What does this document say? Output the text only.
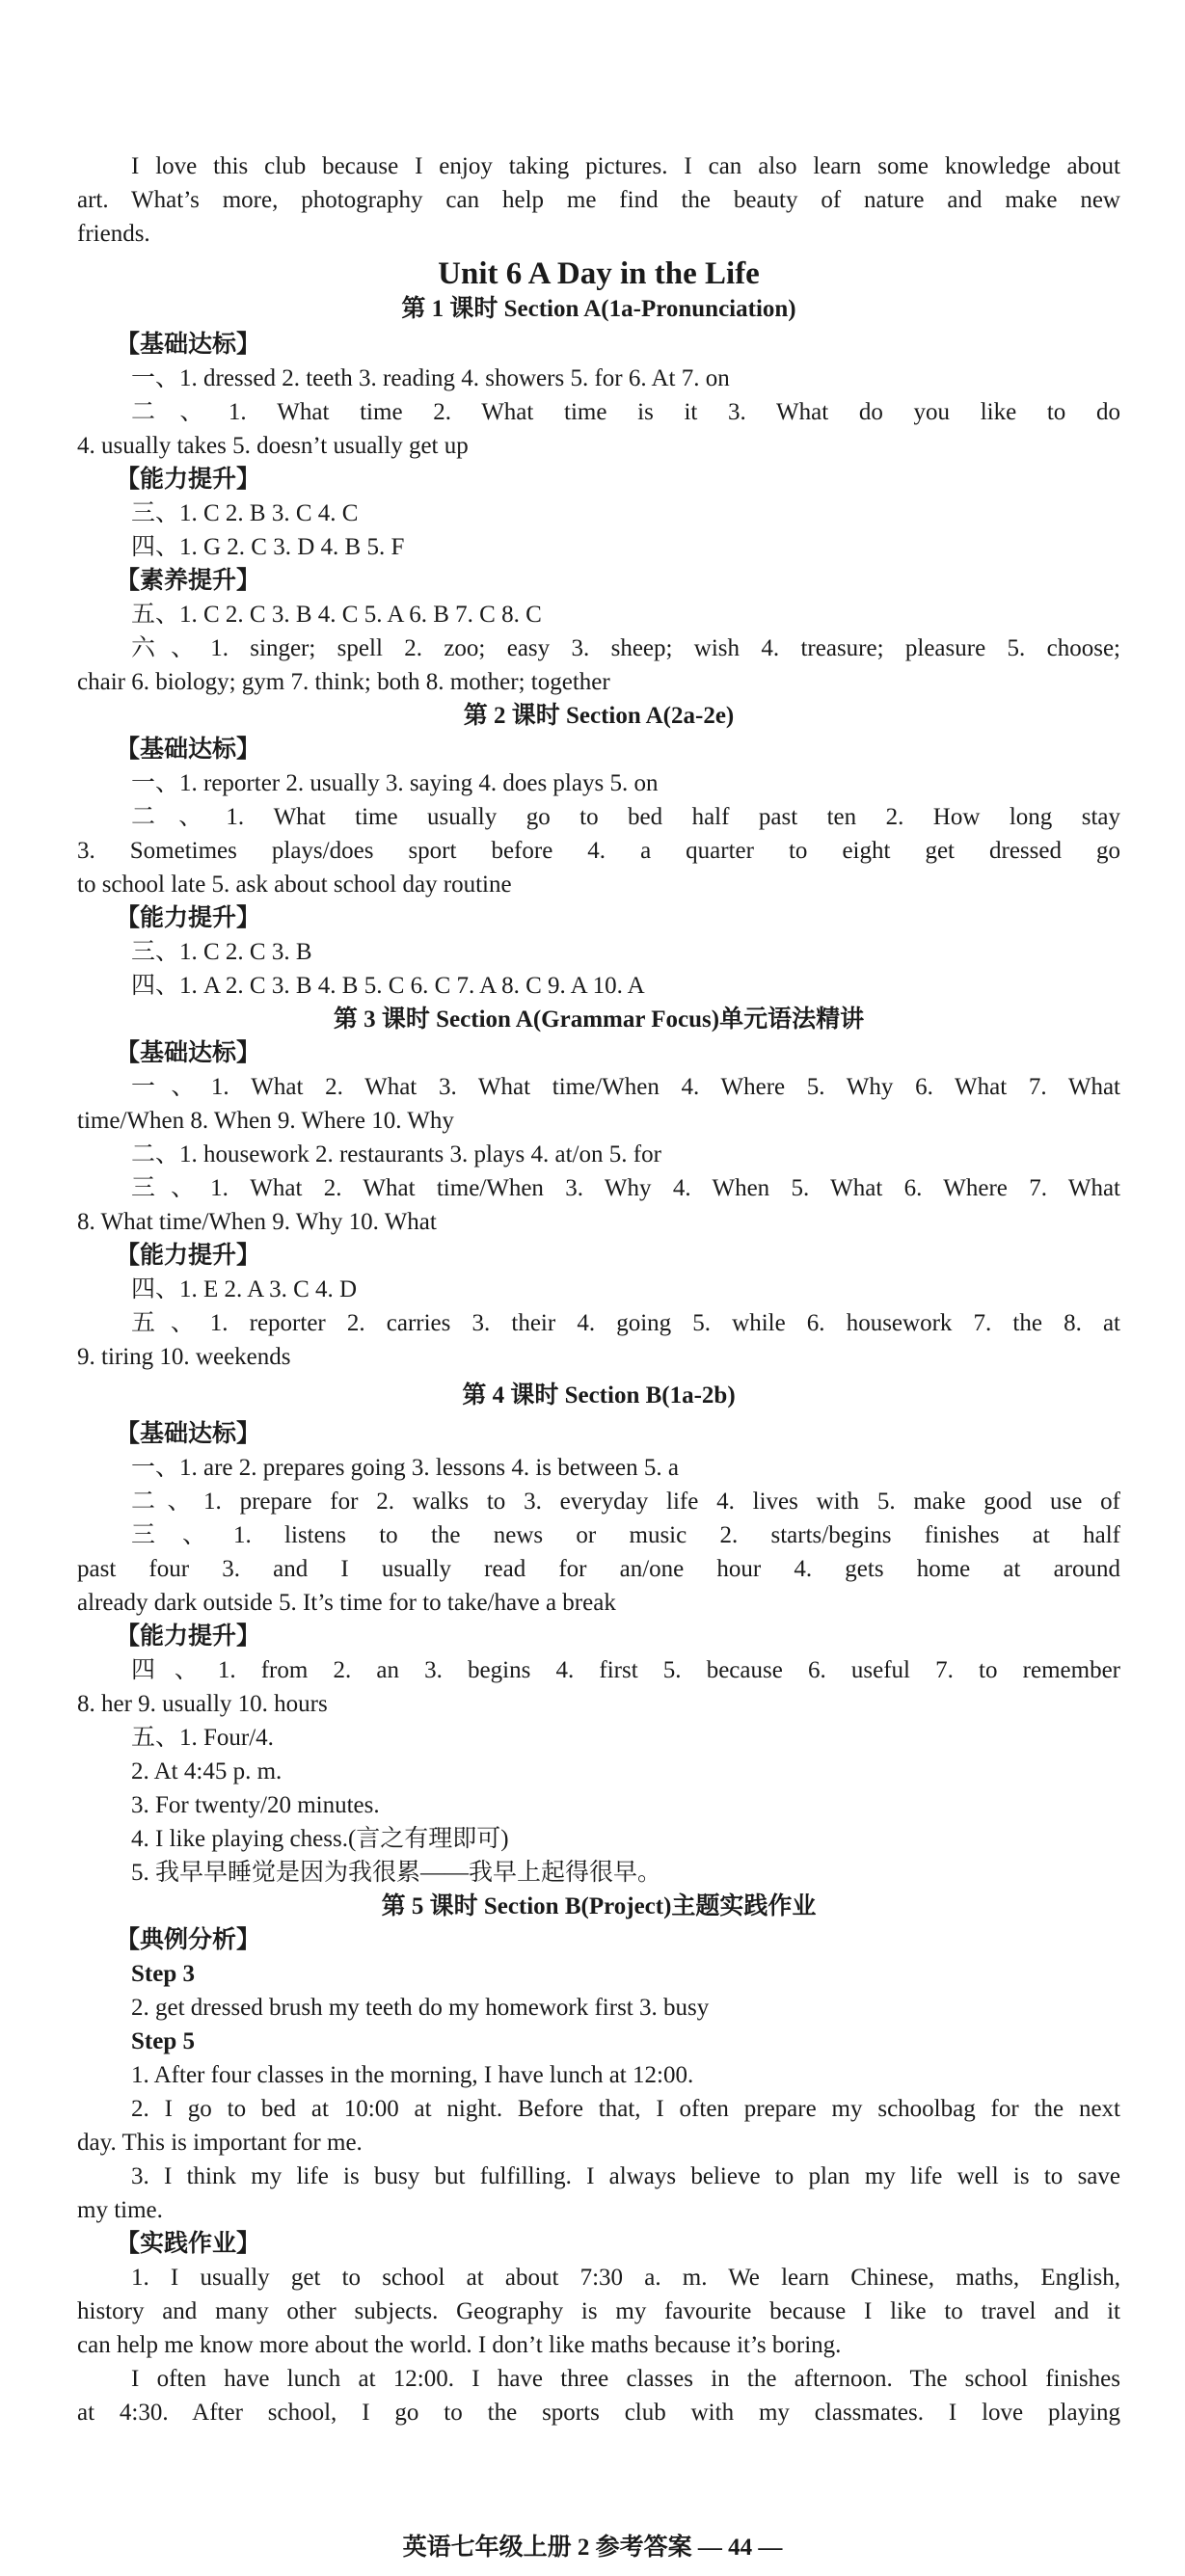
I love this club because I enjoy taking pictures. I can also learn some knowledge about
art. What’s more, photography can help me find the beauty of nature and make new
friends.
Unit 6 A Day in the Life
第 1 课时 Section A(1a-Pronunciation)
【基础达标】
一、1. dressed 2. teeth 3. reading 4. showers 5. for 6. At 7. on
二、1. What time 2. What time is it 3. What do you like to do
4. usually takes 5. doesn’t usually get up
【能力提升】
三、1. C 2. B 3. C 4. C
四、1. G 2. C 3. D 4. B 5. F
【素养提升】
五、1. C 2. C 3. B 4. C 5. A 6. B 7. C 8. C
六、1. singer; spell 2. zoo; easy 3. sheep; wish 4. treasure; pleasure 5. choose;
chair 6. biology; gym 7. think; both 8. mother; together
第 2 课时 Section A(2a-2e)
【基础达标】
一、1. reporter 2. usually 3. saying 4. does plays 5. on
二、1. What time usually go to bed half past ten 2. How long stay
3. Sometimes plays/does sport before 4. a quarter to eight get dressed go
to school late 5. ask about school day routine
【能力提升】
三、1. C 2. C 3. B
四、1. A 2. C 3. B 4. B 5. C 6. C 7. A 8. C 9. A 10. A
第 3 课时 Section A(Grammar Focus)单元语法精讲
【基础达标】
一、1. What 2. What 3. What time/When 4. Where 5. Why 6. What 7. What
time/When 8. When 9. Where 10. Why
二、1. housework 2. restaurants 3. plays 4. at/on 5. for
三、1. What 2. What time/When 3. Why 4. When 5. What 6. Where 7. What
8. What time/When 9. Why 10. What
【能力提升】
四、1. E 2. A 3. C 4. D
五、1. reporter 2. carries 3. their 4. going 5. while 6. housework 7. the 8. at
9. tiring 10. weekends
第 4 课时 Section B(1a-2b)
【基础达标】
一、1. are 2. prepares going 3. lessons 4. is between 5. a
二、1. prepare for 2. walks to 3. everyday life 4. lives with 5. make good use of
三、1. listens to the news or music 2. starts/begins finishes at half
past four 3. and I usually read for an/one hour 4. gets home at around
already dark outside 5. It’s time for to take/have a break
【能力提升】
四、1. from 2. an 3. begins 4. first 5. because 6. useful 7. to remember
8. her 9. usually 10. hours
五、1. Four/4.
2. At 4:45 p. m.
3. For twenty/20 minutes.
4. I like playing chess.(言之有理即可)
5. 我早早睡觉是因为我很累——我早上起得很早。
第 5 课时 Section B(Project)主题实践作业
【典例分析】
Step 3
2. get dressed brush my teeth do my homework first 3. busy
Step 5
1. After four classes in the morning, I have lunch at 12:00.
2. I go to bed at 10:00 at night. Before that, I often prepare my schoolbag for the next
day. This is important for me.
3. I think my life is busy but fulfilling. I always believe to plan my life well is to save
my time.
【实践作业】
1. I usually get to school at about 7:30 a. m. We learn Chinese, maths, English,
history and many other subjects. Geography is my favourite because I like to travel and it
can help me know more about the world. I don’t like maths because it’s boring.
I often have lunch at 12:00. I have three classes in the afternoon. The school finishes
at 4:30. After school, I go to the sports club with my classmates. I love playing
英语七年级上册 2 参考答案 — 44 —
